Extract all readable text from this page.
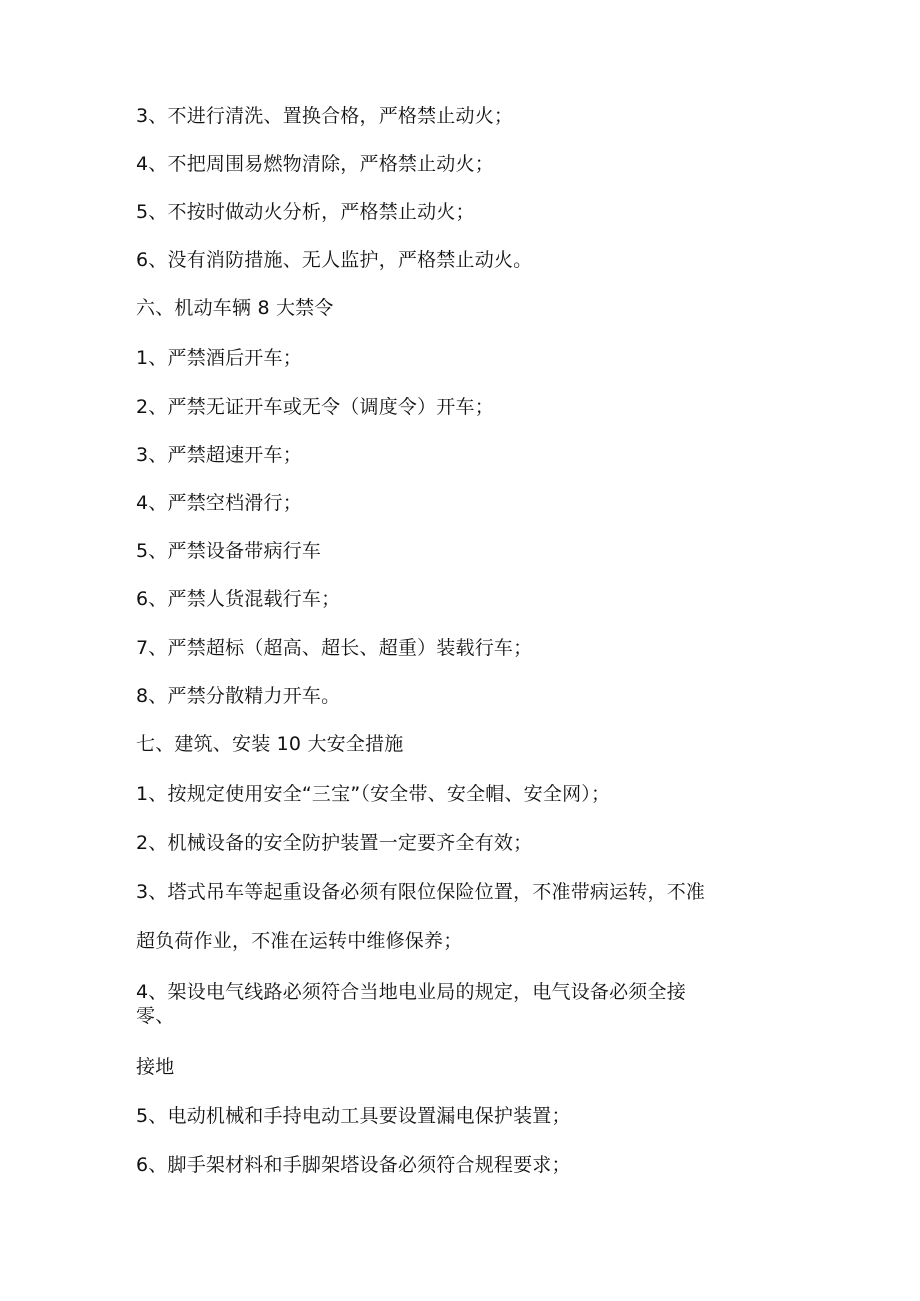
3、不进行清洗、置换合格，严格禁止动火；
4、不把周围易燃物清除，严格禁止动火；
5、不按时做动火分析，严格禁止动火；
6、没有消防措施、无人监护，严格禁止动火。
六、机动车辆 8 大禁令
1、严禁酒后开车；
2、严禁无证开车或无令（调度令）开车；
3、严禁超速开车；
4、严禁空档滑行；
5、严禁设备带病行车
6、严禁人货混载行车；
7、严禁超标（超高、超长、超重）装载行车；
8、严禁分散精力开车。
七、建筑、安装 10 大安全措施
1、按规定使用安全“三宝”（安全带、安全帽、安全网）；
2、机械设备的安全防护装置一定要齐全有效；
3、塔式吊车等起重设备必须有限位保险位置，不准带病运转，不准
超负荷作业，不准在运转中维修保养；
4、架设电气线路必须符合当地电业局的规定，电气设备必须全接
零、
接地
5、电动机械和手持电动工具要设置漏电保护装置；
6、脚手架材料和手脚架塔设备必须符合规程要求；
